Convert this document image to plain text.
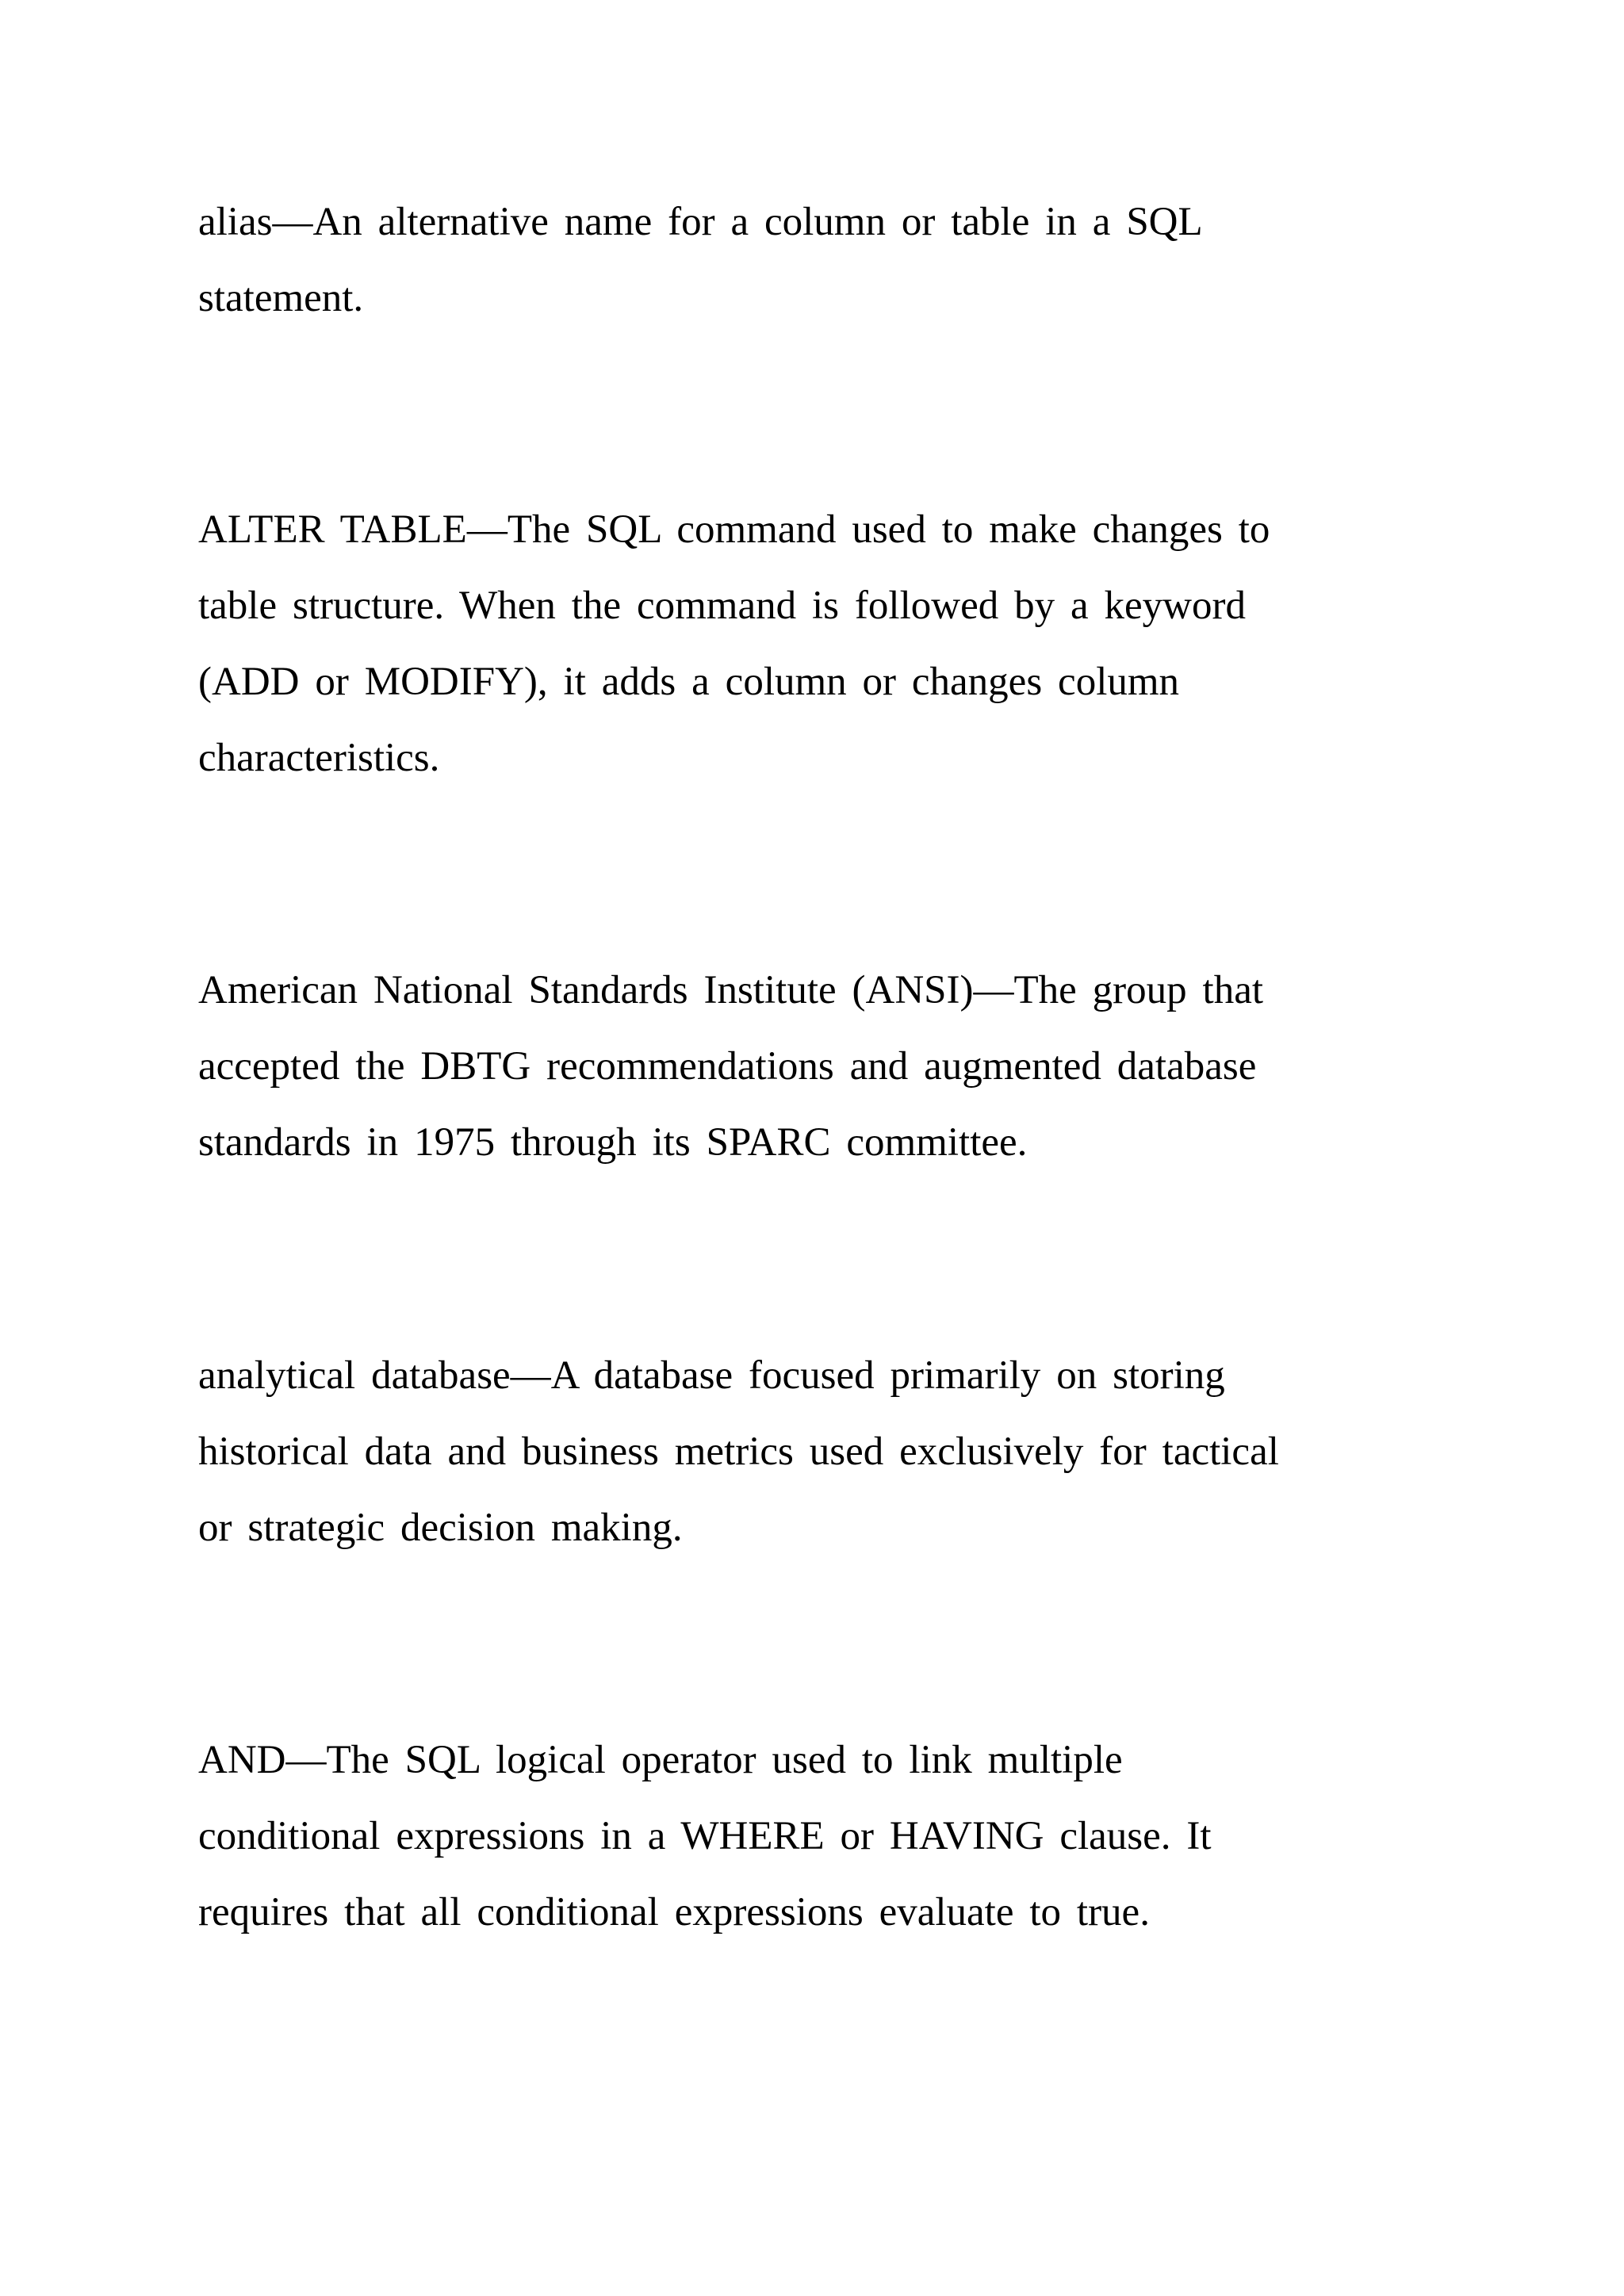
alias—An alternative name for a column or table in a SQL
statement.

ALTER TABLE—The SQL command used to make changes to
table structure. When the command is followed by a keyword
(ADD or MODIFY), it adds a column or changes column
characteristics.

American National Standards Institute (ANSI)—The group that
accepted the DBTG recommendations and augmented database
standards in 1975 through its SPARC committee.

analytical database—A database focused primarily on storing
historical data and business metrics used exclusively for tactical
or strategic decision making.

AND—The SQL logical operator used to link multiple
conditional expressions in a WHERE or HAVING clause. It
requires that all conditional expressions evaluate to true.
